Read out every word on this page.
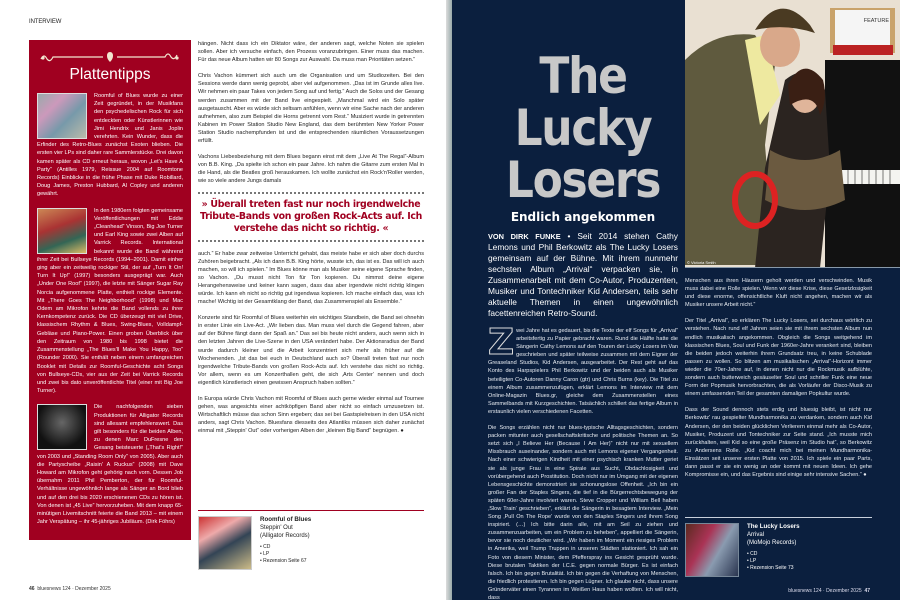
INTERVIEW
Plattentipps

Roomful of Blues wurde zu einer Zeit gegründet, in der Musikfans den psychedelischen Rock für sich entdeckten oder Künstlerinnen wie Jimi Hendrix und Janis Joplin verehrten. Kein Wunder, dass die Erfinder des Retro-Blues zunächst Exoten blieben. Die ersten vier LPs sind daher rare Sammlerstücke. Drei davon kamen später als CD erneut heraus, wovon „Let's Have A Party“ (Antilles 1979, Reissue 2004 auf Roomtone Records) Einblicke in die frühe Phase mit Duke Robillard, Doug James, Preston Hubbard, Al Copley und anderen gewährt.

In den 1980ern folgten gemeinsame Veröffentlichungen mit Eddie „Cleanhead“ Vinson, Big Joe Turner und Earl King sowie zwei Alben auf Varrick Records. International bekannt wurde die Band während ihrer Zeit bei Bullseye Records (1994–2001). Damit einher ging aber ein zeitweilig rockiger Stil, der auf „Turn It On! Turn It Up!“ (1997) besonders ausgeprägt war. Auch „Under One Roof“ (1997), die letzte mit Sänger Sugar Ray Norcia aufgenommene Platte, enthielt rockige Elemente. Mit „There Goes The Neighborhood“ (1998) und Mac Odem am Mikrofon kehrte die Band vollends zu ihrer Kernkompetenz zurück. Die CD überzeugt mit viel Drive, klassischem Rhythm & Blues, Swing-Blues, Volldampf-Gebläse und Piano-Power. Einen groben Überblick über den Zeitraum von 1980 bis 1998 bietet die Zusammenstellung „The Blues'll Make You Happy, Too“ (Rounder 2000). Sie enthält neben einem umfangreichen Booklet mit Details zur Roomful-Geschichte acht Songs von Bullseye-CDs, vier aus der Zeit bei Varrick Records und zwei bis dato unveröffentlichte Titel (einer mit Big Joe Turner).

Die nachfolgenden sieben Produktionen für Alligator Records sind allesamt empfehlenswert. Das gilt besonders für die beiden Alben, zu denen Marc DuFresne den Gesang beisteuerte („That's Right!“ von 2003 und „Standing Room Only“ von 2005). Aber auch die Partyscheibe „Raisin' A Ruckus“ (2008) mit Dave Howard am Mikrofon geht gehörig nach vorn. Dessen Job übernahm 2011 Phil Pemberton, der für Roomful-Verhältnisse ungewöhnlich lange als Sänger an Bord blieb und auf den drei bis 2020 erschienenen CDs zu hören ist. Von denen ist „45 Live“ hervorzuheben. Mit dem knapp 65-minütigen Livemitschnitt feierte die Band 2013 – mit einem Jahr Verspätung – ihr 45-jähriges Jubiläum. (Dirk Föhrs)

hängen. Nicht dass ich ein Diktator wäre, der anderen sagt, welche Noten sie spielen sollen. Aber ich versuche einfach, den Prozess voranzubringen. Einer muss das machen. Für das neue Album hatten wir 80 Songs zur Auswahl. Da muss man Prioritäten setzen.“

Chris Vachon kümmert sich auch um die Organisation und um Studiozeiten. Bei den Sessions werde dann wenig geprobt, aber viel aufgenommen. „Das ist im Grunde alles live. Wir nehmen ein paar Takes von jedem Song auf und fertig.“ Auch die Solos und der Gesang werden zusammen mit der Band live eingespielt. „Manchmal wird ein Solo später ausgetauscht. Aber es würde sich seltsam anfühlen, wenn wir eine Sache nach der anderen aufnehmen, also zum Beispiel die Horns getrennt vom Rest.“ Musiziert wurde in getrennten Kabinen im Power Station Studio New England, das dem berühmten New Yorker Power Station Studio nachempfunden ist und die entsprechenden räumlichen Voraussetzungen erfüllt.

Vachons Liebesbeziehung mit dem Blues begann einst mit dem „Live At The Regal“-Album von B.B. King. „Da spielte ich schon ein paar Jahre. Ich nahm die Gitarre zum ersten Mal in die Hand, als die Beatles groß herauskamen. Ich wollte zunächst ein Rock'n'Roller werden, wie so viele andere Jungs damals

» Überall treten fast nur noch irgendwelche Tribute-Bands von großen Rock-Acts auf. Ich verstehe das nicht so richtig. «

auch.“ Er habe zwar zeitweise Unterricht gehabt, das meiste habe er sich aber doch durchs Zuhören beigebracht. „Als ich dann B.B. King hörte, wusste ich, das ist es. Das will ich auch machen, so will ich spielen.“ Im Blues könne man als Musiker seine eigene Sprache finden, so Vachon. „Du musst nicht Ton für Ton kopieren. Du nimmst deine eigene Herangehensweise und keiner kann sagen, dass das aber irgendwie nicht richtig klingen würde. Ich kann eh nicht so richtig gut irgendwas kopieren. Ich mache einfach das, was ich mache! Wichtig ist der Gesamtklang der Band, das Zusammenspiel als Ensemble.“

Konzerte sind für Roomful of Blues weiterhin ein wichtiges Standbein, die Band sei ohnehin in erster Linie ein Live-Act. „Wir lieben das. Man muss viel durch die Gegend fahren, aber auf der Bühne fängt dann der Spaß an.“ Das sei bis heute nicht anders, auch wenn sich in den letzten Jahren die Live-Szene in den USA verändert habe. Der Aktionsradius der Band wurde dadurch kleiner und die Arbeit konzentriert sich mehr als früher auf die Wochenenden. „Ist das bei euch in Deutschland auch so? Überall treten fast nur noch irgendwelche Tribute-Bands von großen Rock-Acts auf. Ich verstehe das nicht so richtig. Vor allem, wenn es um Konzerthallen geht, die sich ‚Arts Center‘ nennen und doch eigentlich künstlerisch einen gewissen Anspruch haben sollten.“

In Europa würde Chris Vachon mit Roomful of Blues auch gerne wieder einmal auf Tournee gehen, was angesichts einer achtköpfigen Band aber nicht so einfach umzusetzen ist. Wirtschaftlich müsse das schon Sinn ergeben; das sei bei Gastspielreisen in den USA nicht anders, sagt Chris Vachon. Bluesfans diesseits des Atlantiks müssen sich daher zunächst einmal mit „Steppin' Out“ oder vorherigen Alben der „kleinen Big Band“ begnügen. ●

Roomful of Blues
Steppin' Out
(Alligator Records)
• CD
• LP
• Rezension Seite 67
46 bluesnews 124 · Dezember 2025
The Lucky
Losers
Endlich angekommen
VON DIRK FUNKE • Seit 2014 stehen Cathy Lemons und Phil Berkowitz als The Lucky Losers gemeinsam auf der Bühne. Mit ihrem nunmehr sechsten Album „Arrival“ verpacken sie, in Zusammenarbeit mit dem Co-Autor, Produzenten, Musiker und Tontechniker Kid Andersen, teils sehr aktuelle Themen in einen ungewöhnlich facettenreichen Retro-Sound.
Z wei Jahre hat es gedauert, bis die Texte der elf Songs für „Arrival“ arbeitsfertig zu Papier gebracht waren. Rund die Hälfte hatte die Sängerin Cathy Lemons auf den Touren der Lucky Losers im Van geschrieben und später teilweise zusammen mit dem Eigner der Greaseland Studios, Kid Andersen, ausgearbeitet. Der Rest geht auf das Konto des Harpspielers Phil Berkowitz und der beiden auch als Musiker beteiligten Co-Autoren Danny Caron (gtr) und Chris Burns (key). Die Titel zu einem Album zusammenzufügen, erklärt Lemons im Interview mit dem Online-Magazin Blues.gr, gleiche dem Zusammenstellen eines Sammelbands mit Kurzgeschichten. Tatsächlich schillert das fertige Album in erstaunlich vielen verschiedenen Facetten.

Die Songs erzählen nicht nur blues-typische Alltagsgeschichten, sondern packen mitunter auch gesellschaftskritische und politische Themen an. So setzt sich „I Believe Her (Because I Am Her)“ nicht nur mit sexuellem Missbrauch auseinander, sondern auch mit Lemons eigener Vergangenheit. Nach einer schwierigen Kindheit mit einer psychisch kranken Mutter geriet sie als junge Frau in eine Spirale aus Sucht, Obdachlosigkeit und vorübergehend auch Prostitution. Doch nicht nur im Umgang mit der eigenen Lebensgeschichte demonstriert sie schonungslose Offenheit. „Ich bin ein großer Fan der Staples Singers, die tief in die Bürgerrechtsbewegung der späten 60er-Jahre involviert waren. Steve Cropper und William Bell haben ‚Slow Train‘ geschrieben“, erklärt die Sängerin in besagtem Interview. „Mein Song ‚Pull On The Rope‘ wurde von den Staples Singers und ihrem Song inspiriert. (…) Ich bitte darin alle, mit am Seil zu ziehen und zusammenzuarbeiten, um ein Problem zu beheben“, appelliert die Sängerin, bevor sie noch deutlicher wird. „Wir haben im Moment ein riesiges Problem in Amerika, weil Trump Truppen in unseren Städten stationiert. Ich sah ein Foto von diesem Minister, dem Pfefferspray ins Gesicht gesprüht wurde. Diese brutalen Taktiken der I.C.E. gegen normale Bürger. Es ist einfach falsch. Ich bin gegen Brutalität. Ich bin gegen die Verhaftung von Menschen, die friedlich protestieren. Ich bin gegen Lügner. Ich glaube nicht, dass unsere Gründerväter einen Tyrannen im Weißen Haus haben wollten. Ich will nicht, dass

FEATURE
© Victoria Smith

Menschen aus ihren Häusern geholt werden und verschwinden. Musik muss dabei eine Rolle spielen. Wenn wir diese Krise, diese Gesetzlosigkeit und diese enorme, offensichtliche Kluft nicht angehen, machen wir als Musiker unsere Arbeit nicht.“

Der Titel „Arrival“, so erklären The Lucky Losers, sei durchaus wörtlich zu verstehen. Nach rund elf Jahren seien sie mit ihrem sechsten Album nun endlich musikalisch angekommen. Obgleich die Songs weitgehend im klassischen Blues, Soul und Funk der 1960er-Jahre verankert sind, bleiben die beiden jedoch weiterhin ihrem Grundsatz treu, in keine Schublade passen zu wollen. So blitzen am musikalischen „Arrival“-Horizont immer wieder die 70er-Jahre auf, in denen nicht nur die Rockmusik aufblühte, sondern auch butterweich gesäuselter Soul und schriller Funk eine neue Form der Popmusik hervorbrachten, die als Vorläufer der Disco-Musik zu einem umfassenden Teil der gesamten damaligen Popkultur wurde.

Dass der Sound dennoch stets erdig und bluesig bleibt, ist nicht nur Berkowitz' rau gespielter Mundharmonika zu verdanken, sondern auch Kid Andersen, der den beiden glücklichen Verlierern einmal mehr als Co-Autor, Musiker, Produzent und Tontechniker zur Seite stand. „Ich musste mich zurückhalten, weil Kid so eine große Präsenz im Studio hat“, so Berkowitz zu Andersens Rolle. „Kid coacht mich bei meinen Mundharmonika-Einsätzen seit unserer ersten Platte von 2015. Ich spiele ein paar Parts, dann passt er sie ein wenig an oder kommt mit neuen Ideen. Ich gehe Kompromisse ein, und das Ergebnis sind einige sehr intensive Sachen.“ ●

The Lucky Losers
Arrival
(MoMojo Records)
• CD
• LP
• Rezension Seite 73
bluesnews 124 · Dezember 2025 47
